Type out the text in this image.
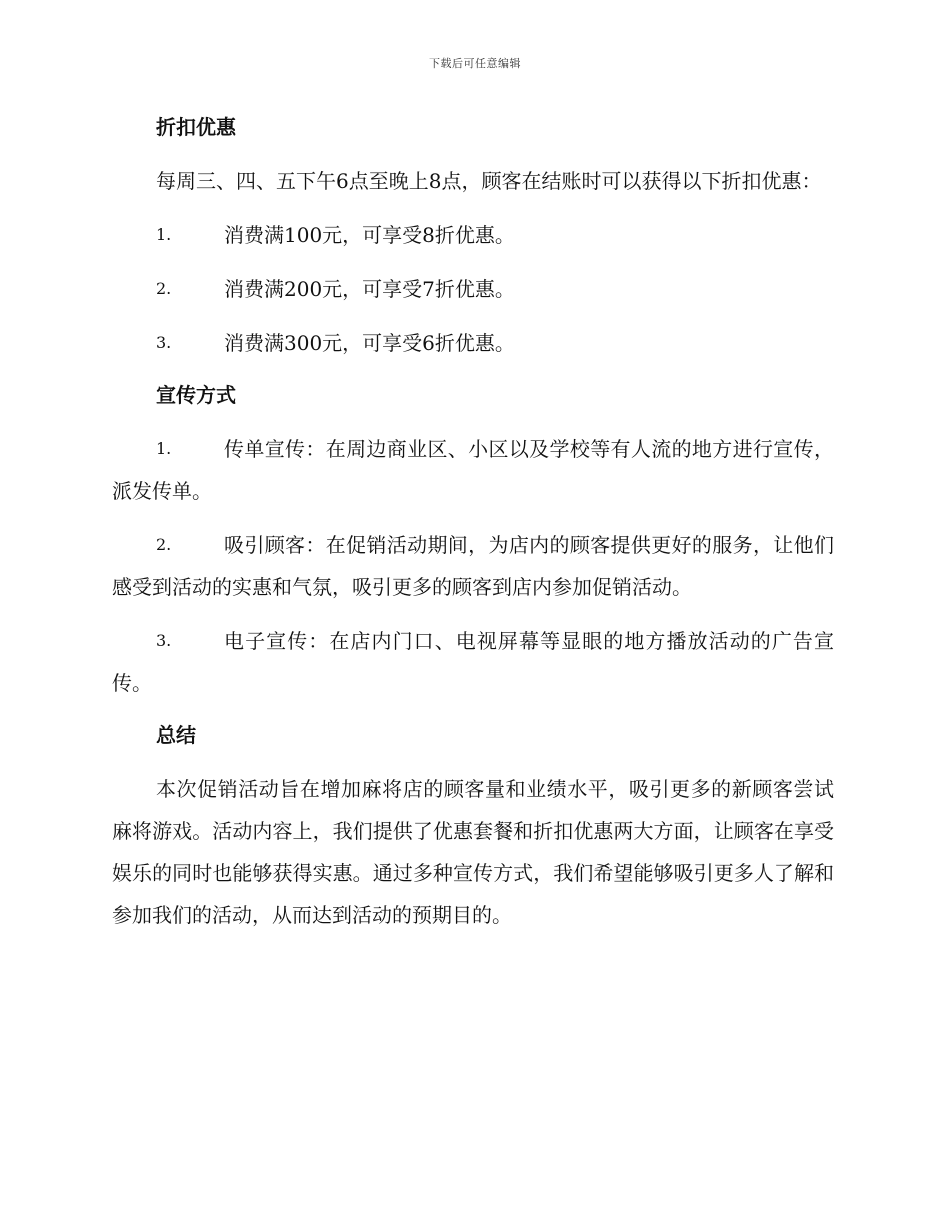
下载后可任意编辑
折扣优惠

每周三、四、五下午6点至晚上8点，顾客在结账时可以获得以下折扣优惠：

1.	消费满100元，可享受8折优惠。
2.	消费满200元，可享受7折优惠。
3.	消费满300元，可享受6折优惠。
宣传方式
1.	传单宣传：在周边商业区、小区以及学校等有人流的地方进行宣传，派发传单。
2.	吸引顾客：在促销活动期间，为店内的顾客提供更好的服务，让他们感受到活动的实惠和气氛，吸引更多的顾客到店内参加促销活动。
3.	电子宣传：在店内门口、电视屏幕等显眼的地方播放活动的广告宣传。
总结

本次促销活动旨在增加麻将店的顾客量和业绩水平，吸引更多的新顾客尝试麻将游戏。活动内容上，我们提供了优惠套餐和折扣优惠两大方面，让顾客在享受娱乐的同时也能够获得实惠。通过多种宣传方式，我们希望能够吸引更多人了解和参加我们的活动，从而达到活动的预期目的。
